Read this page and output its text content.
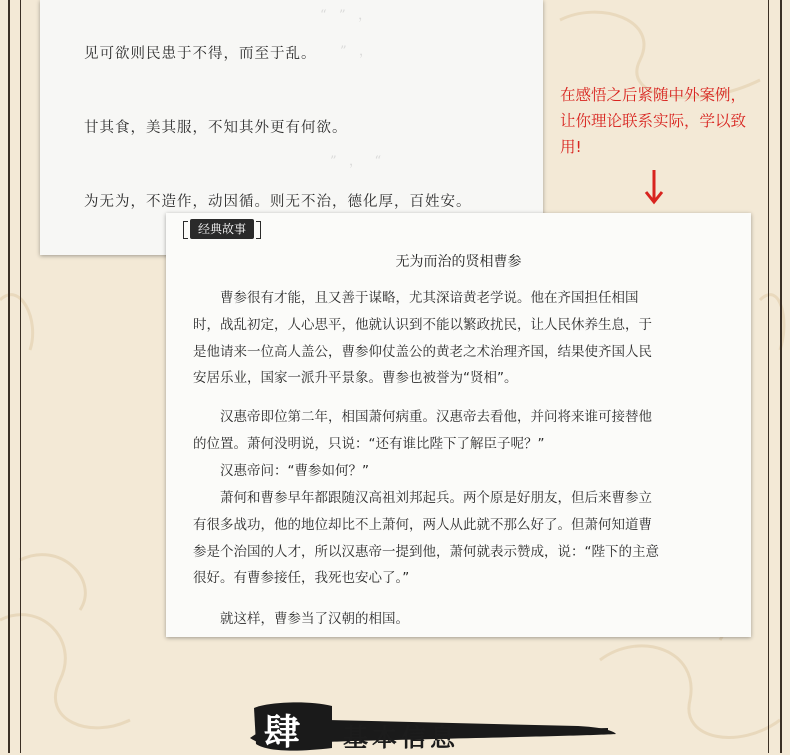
“   ”   ，
”   ，
”   ，   “
见可欲则民患于不得，而至于乱。
甘其食，美其服，不知其外更有何欲。
为无为，不造作，动因循。则无不治，德化厚，百姓安。
在感悟之后紧随中外案例，让你理论联系实际，学以致用!
经典故事
无为而治的贤相曹参
曹参很有才能，且又善于谋略，尤其深谙黄老学说。他在齐国担任相国
时，战乱初定，人心思平，他就认识到不能以繁政扰民，让人民休养生息，于
是他请来一位高人盖公，曹参仰仗盖公的黄老之术治理齐国，结果使齐国人民
安居乐业，国家一派升平景象。曹参也被誉为“贤相”。
汉惠帝即位第二年，相国萧何病重。汉惠帝去看他，并问将来谁可接替他
的位置。萧何没明说，只说：“还有谁比陛下了解臣子呢？”
汉惠帝问：“曹参如何？”
萧何和曹参早年都跟随汉高祖刘邦起兵。两个原是好朋友，但后来曹参立
有很多战功，他的地位却比不上萧何，两人从此就不那么好了。但萧何知道曹
参是个治国的人才，所以汉惠帝一提到他，萧何就表示赞成，说：“陛下的主意
很好。有曹参接任，我死也安心了。”
就这样，曹参当了汉朝的相国。
肆 基本信息
